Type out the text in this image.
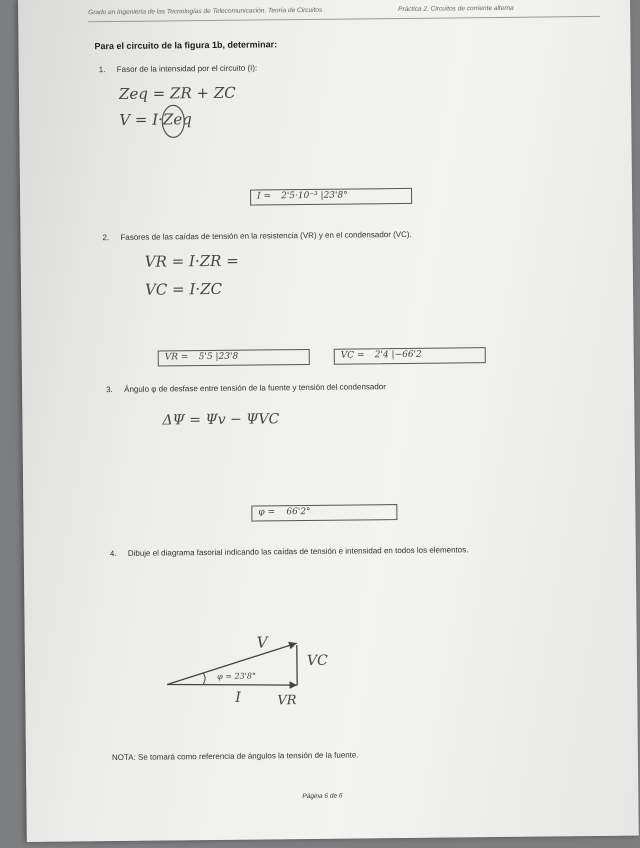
Grado en Ingeniería de las Tecnologías de Telecomunicación. Teoría de Circuitos	Práctica 2. Circuitos de corriente alterna
Para el circuito de la figura 1b, determinar:
1. Fasor de la intensidad por el circuito (I):
Zeq = ZR + ZC
V = I·Zeq
I = 2'5·10⁻³ |23'8°
2. Fasores de las caídas de tensión en la resistencia (VR) y en el condensador (VC).
VR = I·ZR =
VC = I·ZC
VR = 5'5 |23'8	VC = 2'4 |−66'2
3. Ángulo φ de desfase entre tensión de la fuente y tensión del condensador
ΔΨ = Ψv − ΨVC
φ = 66'2°
4. Dibuje el diagrama fasorial indicando las caídas de tensión e intensidad en todos los elementos.
V
VC
I	VR
φ = 23'8°
NOTA: Se tomará como referencia de ángulos la tensión de la fuente.
Página 6 de 6
